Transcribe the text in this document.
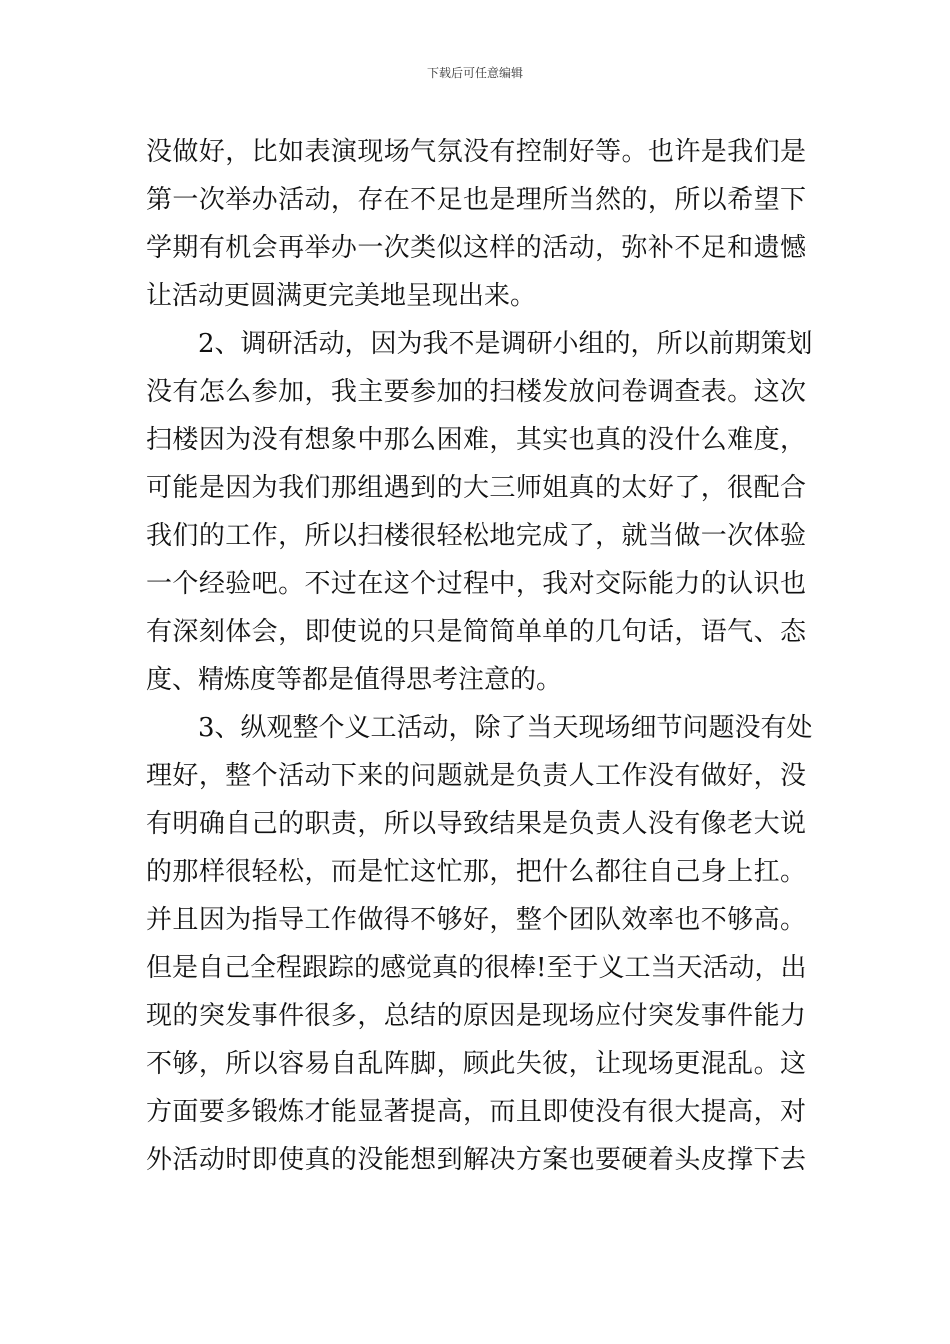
下载后可任意编辑
没做好，比如表演现场气氛没有控制好等。也许是我们是
第一次举办活动，存在不足也是理所当然的，所以希望下
学期有机会再举办一次类似这样的活动，弥补不足和遗憾
让活动更圆满更完美地呈现出来。
2、调研活动，因为我不是调研小组的，所以前期策划
没有怎么参加，我主要参加的扫楼发放问卷调查表。这次
扫楼因为没有想象中那么困难，其实也真的没什么难度，
可能是因为我们那组遇到的大三师姐真的太好了，很配合
我们的工作，所以扫楼很轻松地完成了，就当做一次体验
一个经验吧。不过在这个过程中，我对交际能力的认识也
有深刻体会，即使说的只是简简单单的几句话，语气、态
度、精炼度等都是值得思考注意的。
3、纵观整个义工活动，除了当天现场细节问题没有处
理好，整个活动下来的问题就是负责人工作没有做好，没
有明确自己的职责，所以导致结果是负责人没有像老大说
的那样很轻松，而是忙这忙那，把什么都往自己身上扛。
并且因为指导工作做得不够好，整个团队效率也不够高。
但是自己全程跟踪的感觉真的很棒!至于义工当天活动，出
现的突发事件很多，总结的原因是现场应付突发事件能力
不够，所以容易自乱阵脚，顾此失彼，让现场更混乱。这
方面要多锻炼才能显著提高，而且即使没有很大提高，对
外活动时即使真的没能想到解决方案也要硬着头皮撑下去
